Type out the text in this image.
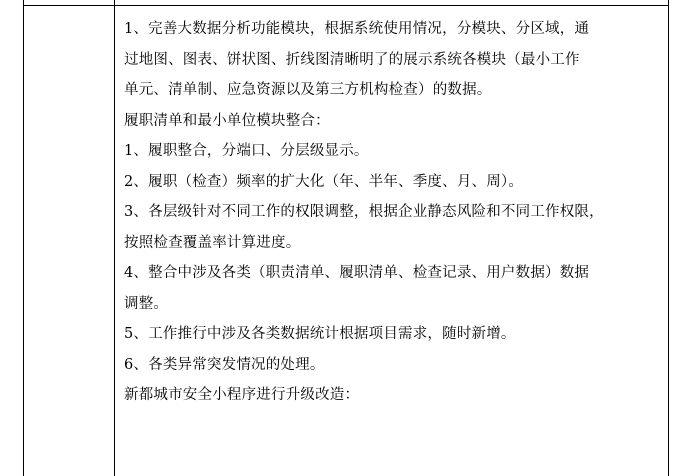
1、完善大数据分析功能模块，根据系统使用情况，分模块、分区域，通
过地图、图表、饼状图、折线图清晰明了的展示系统各模块（最小工作
单元、清单制、应急资源以及第三方机构检查）的数据。
履职清单和最小单位模块整合：
1、履职整合，分端口、分层级显示。
2、履职（检查）频率的扩大化（年、半年、季度、月、周）。
3、各层级针对不同工作的权限调整，根据企业静态风险和不同工作权限，
按照检查覆盖率计算进度。
4、整合中涉及各类（职责清单、履职清单、检查记录、用户数据）数据
调整。
5、工作推行中涉及各类数据统计根据项目需求，随时新增。
6、各类异常突发情况的处理。
新都城市安全小程序进行升级改造：
